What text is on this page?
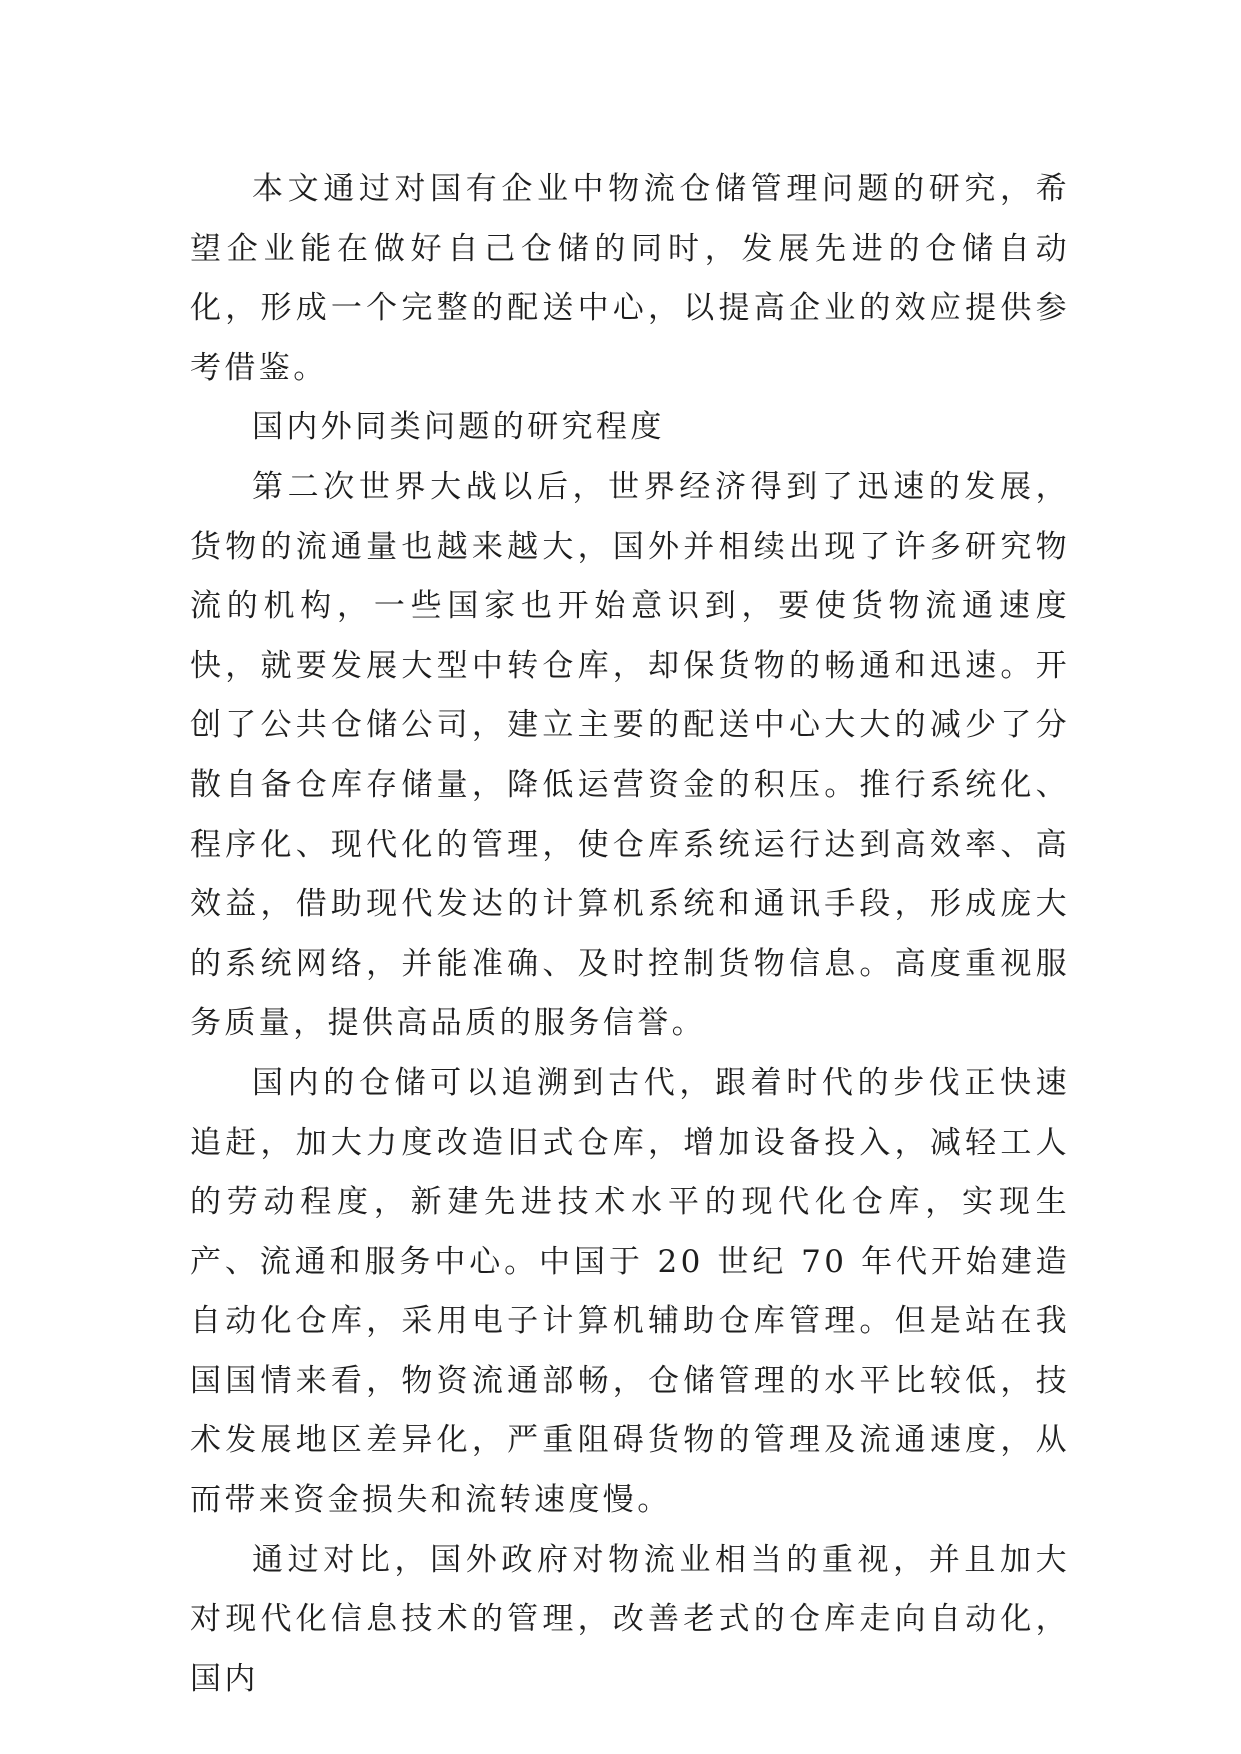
本文通过对国有企业中物流仓储管理问题的研究，希望企业能在做好自己仓储的同时，发展先进的仓储自动化，形成一个完整的配送中心，以提高企业的效应提供参考借鉴。

国内外同类问题的研究程度

第二次世界大战以后，世界经济得到了迅速的发展，货物的流通量也越来越大，国外并相续出现了许多研究物流的机构，一些国家也开始意识到，要使货物流通速度快，就要发展大型中转仓库，却保货物的畅通和迅速。开创了公共仓储公司，建立主要的配送中心大大的减少了分散自备仓库存储量，降低运营资金的积压。推行系统化、程序化、现代化的管理，使仓库系统运行达到高效率、高效益，借助现代发达的计算机系统和通讯手段，形成庞大的系统网络，并能准确、及时控制货物信息。高度重视服务质量，提供高品质的服务信誉。

国内的仓储可以追溯到古代，跟着时代的步伐正快速追赶，加大力度改造旧式仓库，增加设备投入，减轻工人的劳动程度，新建先进技术水平的现代化仓库，实现生产、流通和服务中心。中国于 20 世纪 70 年代开始建造自动化仓库，采用电子计算机辅助仓库管理。但是站在我国国情来看，物资流通部畅，仓储管理的水平比较低，技术发展地区差异化，严重阻碍货物的管理及流通速度，从而带来资金损失和流转速度慢。

通过对比，国外政府对物流业相当的重视，并且加大对现代化信息技术的管理，改善老式的仓库走向自动化，国内
